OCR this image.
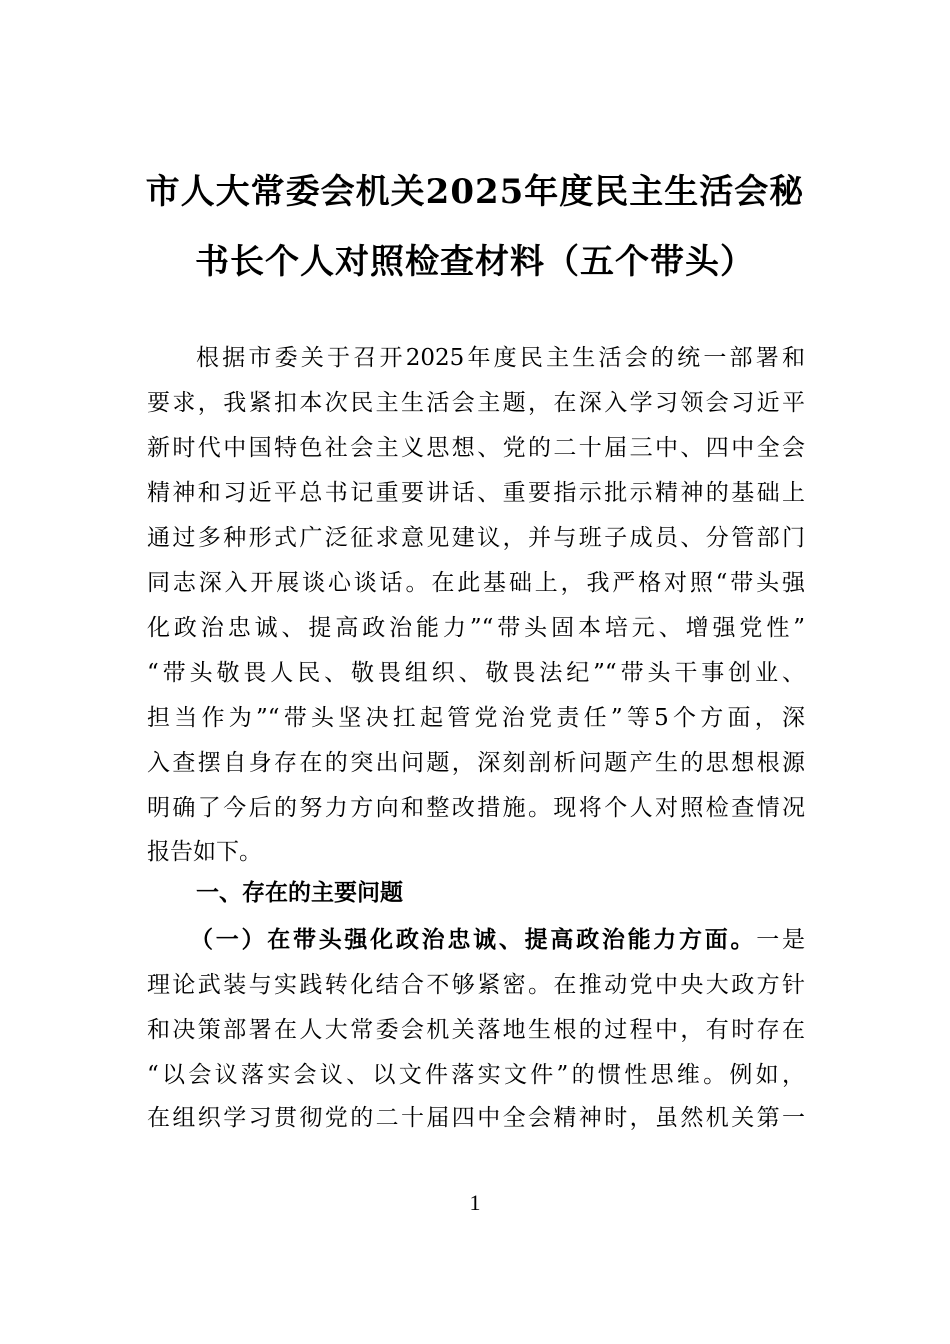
市人大常委会机关2025年度民主生活会秘
书长个人对照检查材料（五个带头）
根据市委关于召开2025年度民主生活会的统一部署和
要求，我紧扣本次民主生活会主题，在深入学习领会习近平
新时代中国特色社会主义思想、党的二十届三中、四中全会
精神和习近平总书记重要讲话、重要指示批示精神的基础上
通过多种形式广泛征求意见建议，并与班子成员、分管部门
同志深入开展谈心谈话。在此基础上，我严格对照“带头强
化政治忠诚、提高政治能力”“带头固本培元、增强党性”
“带头敬畏人民、敬畏组织、敬畏法纪”“带头干事创业、
担当作为”“带头坚决扛起管党治党责任”等5个方面，深
入查摆自身存在的突出问题，深刻剖析问题产生的思想根源
明确了今后的努力方向和整改措施。现将个人对照检查情况
报告如下。
一、存在的主要问题
（一）在带头强化政治忠诚、提高政治能力方面。一是
理论武装与实践转化结合不够紧密。在推动党中央大政方针
和决策部署在人大常委会机关落地生根的过程中，有时存在
“以会议落实会议、以文件落实文件”的惯性思维。例如，
在组织学习贯彻党的二十届四中全会精神时，虽然机关第一
1
